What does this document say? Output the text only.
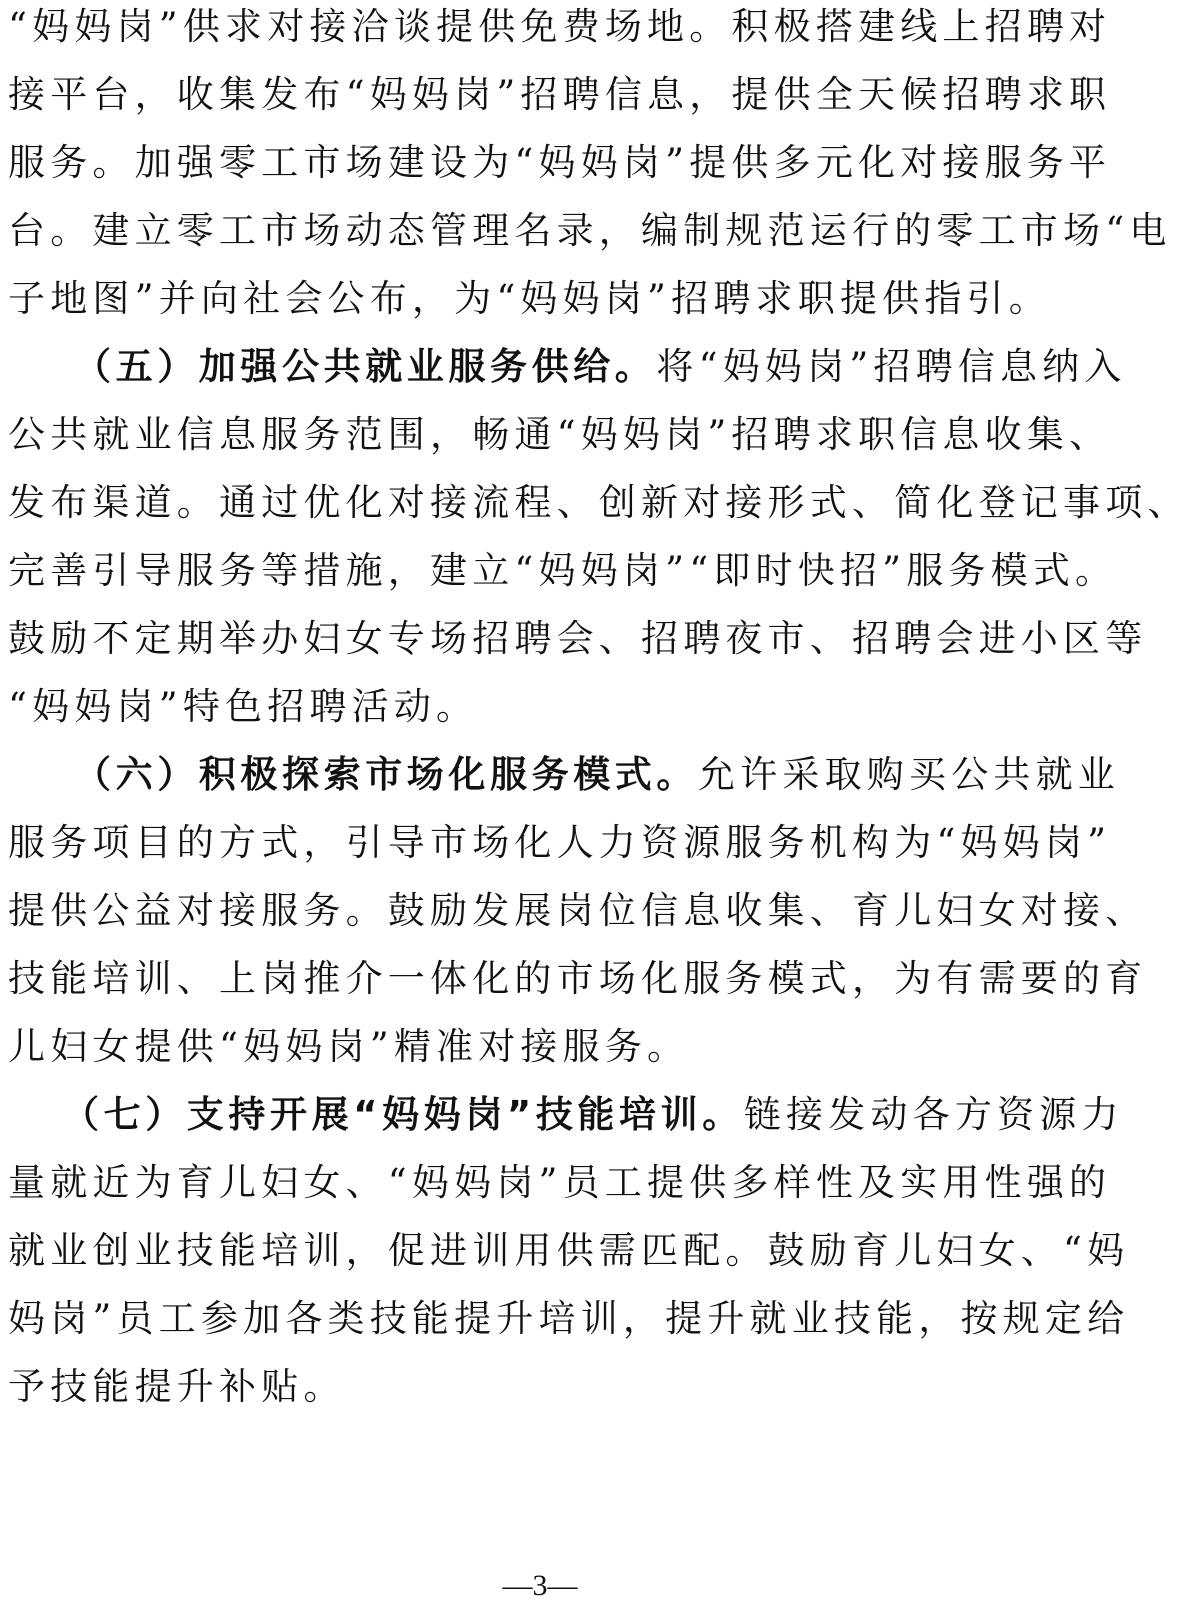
“妈妈岗”供求对接洽谈提供免费场地。积极搭建线上招聘对
接平台，收集发布“妈妈岗”招聘信息，提供全天候招聘求职
服务。加强零工市场建设为“妈妈岗”提供多元化对接服务平
台。建立零工市场动态管理名录，编制规范运行的零工市场“电
子地图”并向社会公布，为“妈妈岗”招聘求职提供指引。
（五）加强公共就业服务供给。将“妈妈岗”招聘信息纳入
公共就业信息服务范围，畅通“妈妈岗”招聘求职信息收集、
发布渠道。通过优化对接流程、创新对接形式、简化登记事项、
完善引导服务等措施，建立“妈妈岗”“即时快招”服务模式。
鼓励不定期举办妇女专场招聘会、招聘夜市、招聘会进小区等
“妈妈岗”特色招聘活动。
（六）积极探索市场化服务模式。允许采取购买公共就业
服务项目的方式，引导市场化人力资源服务机构为“妈妈岗”
提供公益对接服务。鼓励发展岗位信息收集、育儿妇女对接、
技能培训、上岗推介一体化的市场化服务模式，为有需要的育
儿妇女提供“妈妈岗”精准对接服务。
（七）支持开展“妈妈岗”技能培训。链接发动各方资源力
量就近为育儿妇女、“妈妈岗”员工提供多样性及实用性强的
就业创业技能培训，促进训用供需匹配。鼓励育儿妇女、“妈
妈岗”员工参加各类技能提升培训，提升就业技能，按规定给
予技能提升补贴。
—3—
